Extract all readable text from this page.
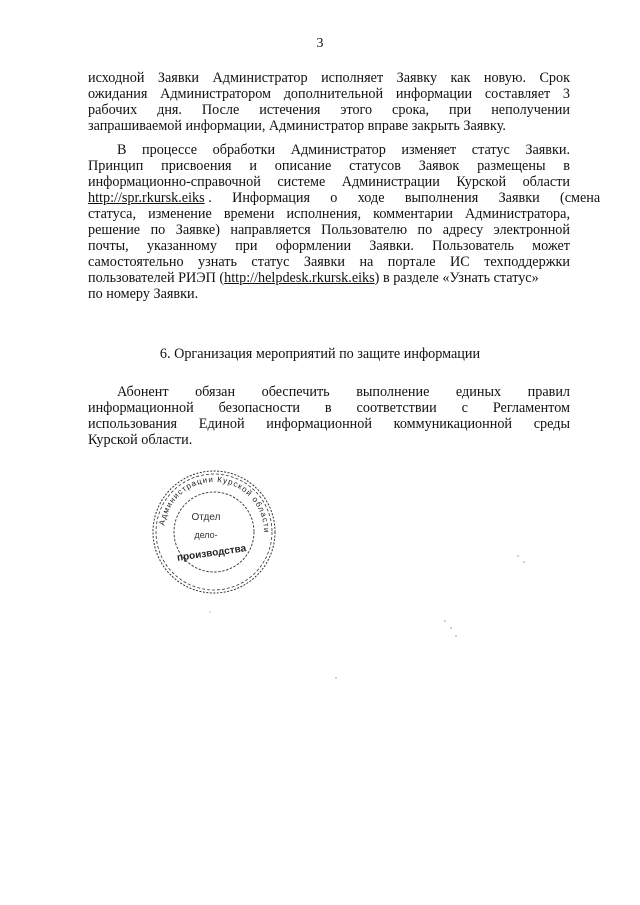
3
исходной Заявки Администратор исполняет Заявку как новую. Срок
ожидания Администратором дополнительной информации составляет 3
рабочих дня. После истечения этого срока, при неполучении
запрашиваемой информации, Администратор вправе закрыть Заявку.
В процессе обработки Администратор изменяет статус Заявки.
Принцип присвоения и описание статусов Заявок размещены в
информационно-справочной системе Администрации Курской области
http://spr.rkursk.eiks . Информация о ходе выполнения Заявки (смена
статуса, изменение времени исполнения, комментарии Администратора,
решение по Заявке) направляется Пользователю по адресу электронной
почты, указанному при оформлении Заявки. Пользователь может
самостоятельно узнать статус Заявки на портале ИС техподдержки
пользователей РИЭП (http://helpdesk.rkursk.eiks) в разделе «Узнать статус»
по номеру Заявки.
6. Организация мероприятий по защите информации
Абонент обязан обеспечить выполнение единых правил
информационной безопасности в соответствии с Регламентом
использования Единой информационной коммуникационной среды
Курской области.
Администрации Курской области
Отдел
дело-
производства
